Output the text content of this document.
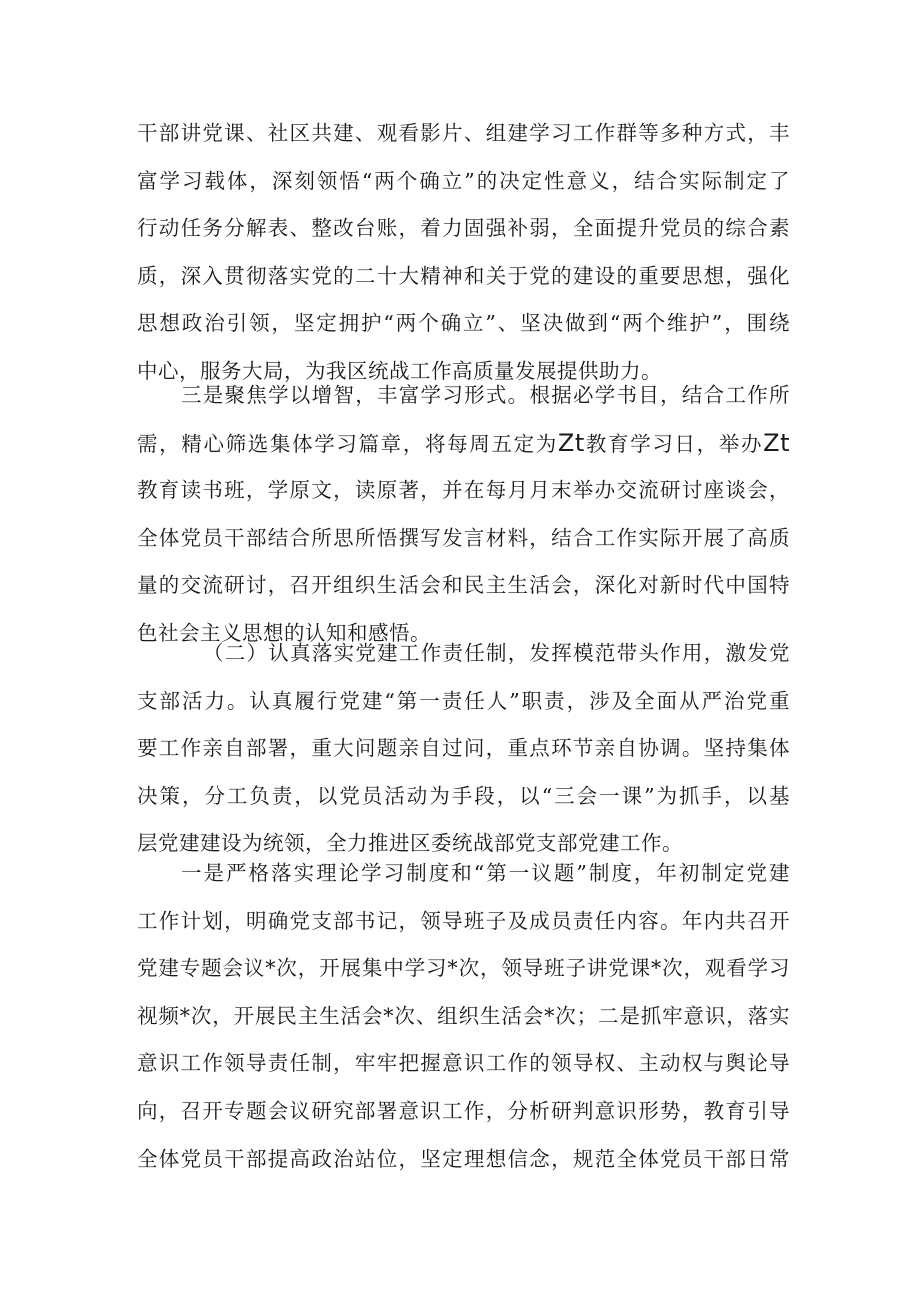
干部讲党课、社区共建、观看影片、组建学习工作群等多种方式，丰
富学习载体，深刻领悟“两个确立”的决定性意义，结合实际制定了
行动任务分解表、整改台账，着力固强补弱，全面提升党员的综合素
质，深入贯彻落实党的二十大精神和关于党的建设的重要思想，强化
思想政治引领，坚定拥护“两个确立”、坚决做到“两个维护”，围绕
中心，服务大局，为我区统战工作高质量发展提供助力。
三是聚焦学以增智，丰富学习形式。根据必学书目，结合工作所
需，精心筛选集体学习篇章，将每周五定为Zt教育学习日，举办Zt
教育读书班，学原文，读原著，并在每月月末举办交流研讨座谈会，
全体党员干部结合所思所悟撰写发言材料，结合工作实际开展了高质
量的交流研讨，召开组织生活会和民主生活会，深化对新时代中国特
色社会主义思想的认知和感悟。
（二）认真落实党建工作责任制，发挥模范带头作用，激发党
支部活力。认真履行党建“第一责任人”职责，涉及全面从严治党重
要工作亲自部署，重大问题亲自过问，重点环节亲自协调。坚持集体
决策，分工负责，以党员活动为手段，以“三会一课”为抓手，以基
层党建建设为统领，全力推进区委统战部党支部党建工作。
一是严格落实理论学习制度和“第一议题”制度，年初制定党建
工作计划，明确党支部书记，领导班子及成员责任内容。年内共召开
党建专题会议*次，开展集中学习*次，领导班子讲党课*次，观看学习
视频*次，开展民主生活会*次、组织生活会*次；二是抓牢意识，落实
意识工作领导责任制，牢牢把握意识工作的领导权、主动权与舆论导
向，召开专题会议研究部署意识工作，分析研判意识形势，教育引导
全体党员干部提高政治站位，坚定理想信念，规范全体党员干部日常
